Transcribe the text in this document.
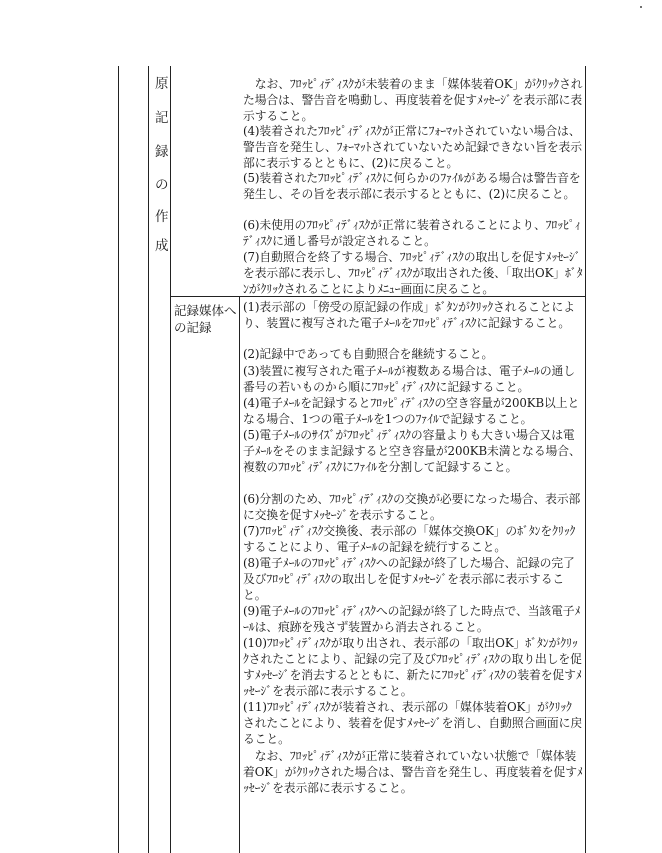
原
記
録
の
作
成

なお、ﾌﾛｯﾋﾟｨﾃﾞｨｽｸが未装着のまま「媒体装着OK」がｸﾘｯｸされた場合は、警告音を鳴動し、再度装着を促すﾒｯｾｰｼﾞを表示部に表示すること。

(4)装着されたﾌﾛｯﾋﾟｨﾃﾞｨｽｸが正常にﾌｫｰﾏｯﾄされていない場合は、警告音を発生し、ﾌｫｰﾏｯﾄされていないため記録できない旨を表示部に表示するとともに、(2)に戻ること。

(5)装着されたﾌﾛｯﾋﾟｨﾃﾞｨｽｸに何らかのﾌｧｲﾙがある場合は警告音を発生し、その旨を表示部に表示するとともに、(2)に戻ること。

(6)未使用のﾌﾛｯﾋﾟｨﾃﾞｨｽｸが正常に装着されることにより、ﾌﾛｯﾋﾟｨﾃﾞｨｽｸに通し番号が設定されること。

(7)自動照合を終了する場合、ﾌﾛｯﾋﾟｨﾃﾞｨｽｸの取出しを促すﾒｯｾｰｼﾞを表示部に表示し、ﾌﾛｯﾋﾟｨﾃﾞｨｽｸが取出された後、「取出OK」ﾎﾞﾀﾝがｸﾘｯｸされることによりﾒﾆｭｰ画面に戻ること。

記録媒体への記録

(1)表示部の「傍受の原記録の作成」ﾎﾞﾀﾝがｸﾘｯｸされることにより、装置に複写された電子ﾒｰﾙをﾌﾛｯﾋﾟｨﾃﾞｨｽｸに記録すること。

(2)記録中であっても自動照合を継続すること。

(3)装置に複写された電子ﾒｰﾙが複数ある場合は、電子ﾒｰﾙの通し番号の若いものから順にﾌﾛｯﾋﾟｨﾃﾞｨｽｸに記録すること。

(4)電子ﾒｰﾙを記録するとﾌﾛｯﾋﾟｨﾃﾞｨｽｸの空き容量が200KB以上となる場合、1つの電子ﾒｰﾙを1つのﾌｧｲﾙで記録すること。

(5)電子ﾒｰﾙのｻｲｽﾞがﾌﾛｯﾋﾟｨﾃﾞｨｽｸの容量よりも大きい場合又は電子ﾒｰﾙをそのまま記録すると空き容量が200KB未満となる場合、複数のﾌﾛｯﾋﾟｨﾃﾞｨｽｸにﾌｧｲﾙを分割して記録すること。

(6)分割のため、ﾌﾛｯﾋﾟｨﾃﾞｨｽｸの交換が必要になった場合、表示部に交換を促すﾒｯｾｰｼﾞを表示すること。

(7)ﾌﾛｯﾋﾟｨﾃﾞｨｽｸ交換後、表示部の「媒体交換OK」のﾎﾞﾀﾝをｸﾘｯｸすることにより、電子ﾒｰﾙの記録を続行すること。

(8)電子ﾒｰﾙのﾌﾛｯﾋﾟｨﾃﾞｨｽｸへの記録が終了した場合、記録の完了及びﾌﾛｯﾋﾟｨﾃﾞｨｽｸの取出しを促すﾒｯｾｰｼﾞを表示部に表示すること。

(9)電子ﾒｰﾙのﾌﾛｯﾋﾟｨﾃﾞｨｽｸへの記録が終了した時点で、当該電子ﾒｰﾙは、痕跡を残さず装置から消去されること。

(10)ﾌﾛｯﾋﾟｨﾃﾞｨｽｸが取り出され、表示部の「取出OK」ﾎﾞﾀﾝがｸﾘｯｸされたことにより、記録の完了及びﾌﾛｯﾋﾟｨﾃﾞｨｽｸの取り出しを促すﾒｯｾｰｼﾞを消去するとともに、新たにﾌﾛｯﾋﾟｨﾃﾞｨｽｸの装着を促すﾒｯｾｰｼﾞを表示部に表示すること。

(11)ﾌﾛｯﾋﾟｨﾃﾞｨｽｸが装着され、表示部の「媒体装着OK」がｸﾘｯｸされたことにより、装着を促すﾒｯｾｰｼﾞを消し、自動照合画面に戻ること。

なお、ﾌﾛｯﾋﾟｨﾃﾞｨｽｸが正常に装着されていない状態で「媒体装着OK」がｸﾘｯｸされた場合は、警告音を発生し、再度装着を促すﾒｯｾｰｼﾞを表示部に表示すること。
